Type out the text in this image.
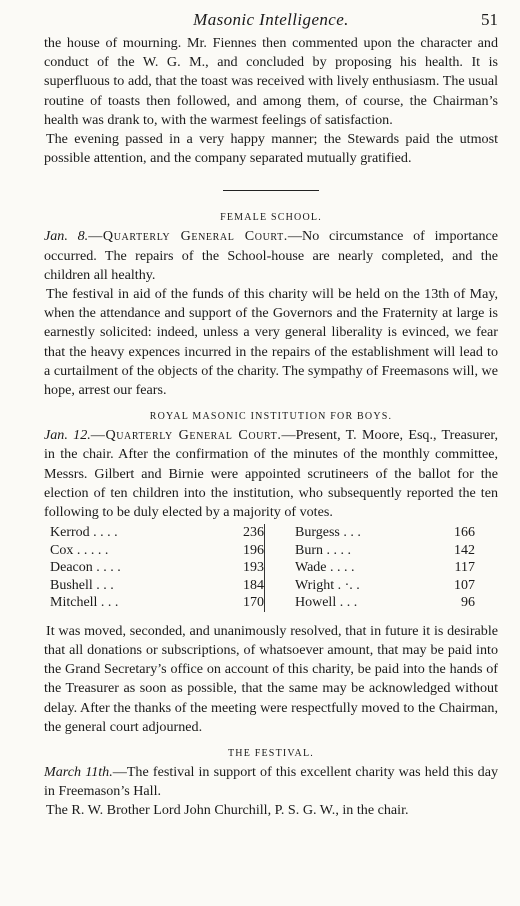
Masonic Intelligence.	51

the house of mourning. Mr. Fiennes then commented upon the character and conduct of the W. G. M., and concluded by proposing his health. It is superfluous to add, that the toast was received with lively enthusiasm. The usual routine of toasts then followed, and among them, of course, the Chairman’s health was drank to, with the warmest feelings of satisfaction.

The evening passed in a very happy manner; the Stewards paid the utmost possible attention, and the company separated mutually gratified.

FEMALE SCHOOL.

Jan. 8.—Quarterly General Court.—No circumstance of importance occurred. The repairs of the School-house are nearly completed, and the children all healthy.

The festival in aid of the funds of this charity will be held on the 13th of May, when the attendance and support of the Governors and the Fraternity at large is earnestly solicited: indeed, unless a very general liberality is evinced, we fear that the heavy expences incurred in the repairs of the establishment will lead to a curtailment of the objects of the charity. The sympathy of Freemasons will, we hope, arrest our fears.

ROYAL MASONIC INSTITUTION FOR BOYS.

Jan. 12.—Quarterly General Court.—Present, T. Moore, Esq., Treasurer, in the chair. After the confirmation of the minutes of the monthly committee, Messrs. Gilbert and Birnie were appointed scrutineers of the ballot for the election of ten children into the institution, who subsequently reported the ten following to be duly elected by a majority of votes.

Kerrod . . . .	236
Cox . . . . .	196
Deacon . . . .	193
Bushell . . .	184
Mitchell . . .	170
Burgess . . .	166
Burn . . . .	142
Wade . . . .	117
Wright . ·. .	107
Howell . . .	96

It was moved, seconded, and unanimously resolved, that in future it is desirable that all donations or subscriptions, of whatsoever amount, that may be paid into the Grand Secretary’s office on account of this charity, be paid into the hands of the Treasurer as soon as possible, that the same may be acknowledged without delay. After the thanks of the meeting were respectfully moved to the Chairman, the general court adjourned.

THE FESTIVAL.

March 11th.—The festival in support of this excellent charity was held this day in Freemason’s Hall.

The R. W. Brother Lord John Churchill, P. S. G. W., in the chair.
